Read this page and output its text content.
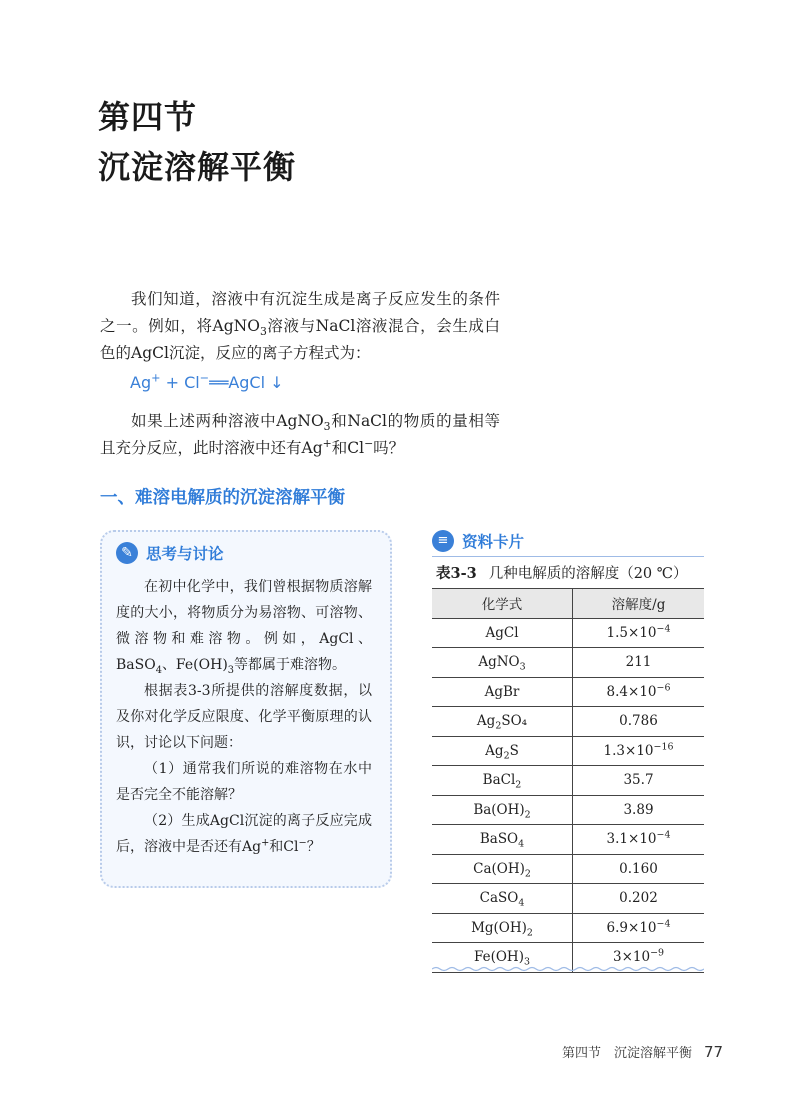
第四节
沉淀溶解平衡

我们知道，溶液中有沉淀生成是离子反应发生的条件之一。例如，将AgNO$_3$溶液与NaCl溶液混合，会生成白色的AgCl沉淀，反应的离子方程式为：

Ag+ + Cl−══AgCl ↓

如果上述两种溶液中AgNO$_3$和NaCl的物质的量相等且充分反应，此时溶液中还有Ag+和Cl−吗？

一、难溶电解质的沉淀溶解平衡
✎ 思考与讨论

在初中化学中，我们曾根据物质溶解度的大小，将物质分为易溶物、可溶物、微溶物和难溶物。例如，AgCl、BaSO$_4$、$Fe(OH)_3$等都属于难溶物。

根据表3-3所提供的溶解度数据，以及你对化学反应限度、化学平衡原理的认识，讨论以下问题：

（1）通常我们所说的难溶物在水中是否完全不能溶解？

（2）生成AgCl沉淀的离子反应完成后，溶液中是否还有Ag+和Cl−？

≡ 资料卡片
表3-3 几种电解质的溶解度（20 ℃）
化学式	溶解度/g
AgCl	$1.5\times 10^{-4}$
AgNO$_3$	211
AgBr	$8.4\times 10^{-6}$
$Ag_2SO_4$	0.786
$Ag_2S$	$1.3\times 10^{-16}$
BaCl$_2$	35.7
$Ba(OH)_2$	3.89
BaSO$_4$	$3.1\times 10^{-4}$
$Ca(OH)_2$	0.160
CaSO$_4$	0.202
$Mg(OH)_2$	$6.9\times 10^{-4}$
$Fe(OH)_3$	$3\times 10^{-9}$
第四节　沉淀溶解平衡 77
